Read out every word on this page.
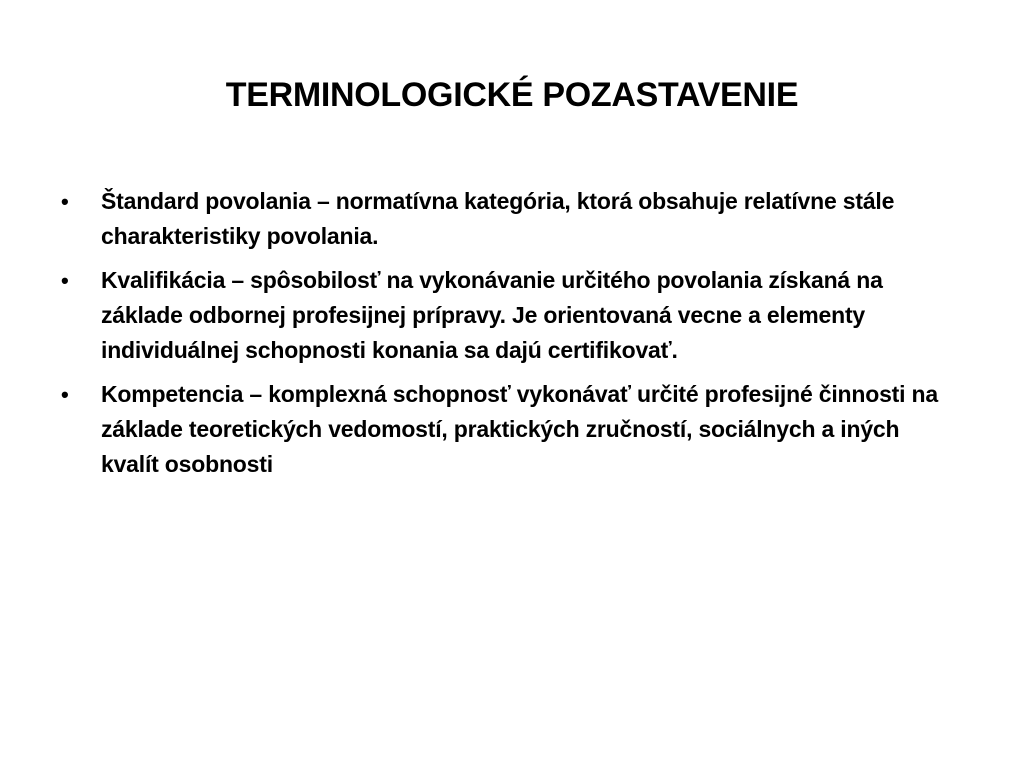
TERMINOLOGICKÉ POZASTAVENIE
•	Štandard povolania – normatívna kategória, ktorá obsahuje relatívne stále charakteristiky povolania.
•	Kvalifikácia – spôsobilosť na vykonávanie určitého povolania získaná na základe odbornej profesijnej prípravy. Je orientovaná vecne a elementy individuálnej schopnosti konania sa dajú certifikovať.
•	Kompetencia – komplexná schopnosť vykonávať určité profesijné činnosti na základe teoretických vedomostí, praktických zručností, sociálnych a iných kvalít osobnosti
